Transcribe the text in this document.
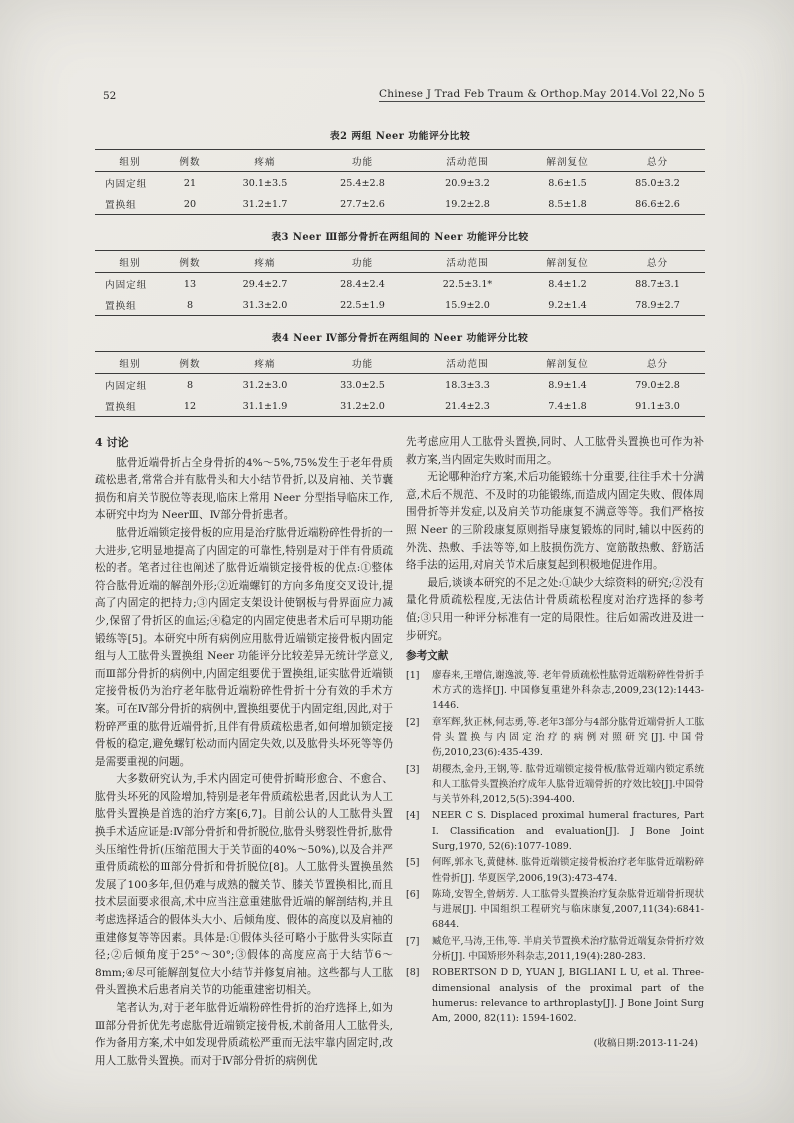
52	Chinese J Trad Feb Traum & Orthop.May 2014.Vol 22,No 5

表2 两组 Neer 功能评分比较

组别	例数	疼痛	功能	活动范围	解剖复位	总分
内固定组	21	30.1±3.5	25.4±2.8	20.9±3.2	8.6±1.5	85.0±3.2
置换组	20	31.2±1.7	27.7±2.6	19.2±2.8	8.5±1.8	86.6±2.6

表3 Neer Ⅲ部分骨折在两组间的 Neer 功能评分比较

组别	例数	疼痛	功能	活动范围	解剖复位	总分
内固定组	13	29.4±2.7	28.4±2.4	22.5±3.1*	8.4±1.2	88.7±3.1
置换组	8	31.3±2.0	22.5±1.9	15.9±2.0	9.2±1.4	78.9±2.7

表4 Neer Ⅳ部分骨折在两组间的 Neer 功能评分比较

组别	例数	疼痛	功能	活动范围	解剖复位	总分
内固定组	8	31.2±3.0	33.0±2.5	18.3±3.3	8.9±1.4	79.0±2.8
置换组	12	31.1±1.9	31.2±2.0	21.4±2.3	7.4±1.8	91.1±3.0

4 讨论

肱骨近端骨折占全身骨折的4%～5%,75%发生于老年骨质疏松患者,常常合并有肱骨头和大小结节骨折,以及肩袖、关节囊损伤和肩关节脱位等表现,临床上常用 Neer 分型指导临床工作,本研究中均为 NeerⅢ、Ⅳ部分骨折患者。

肱骨近端锁定接骨板的应用是治疗肱骨近端粉碎性骨折的一大进步,它明显地提高了内固定的可靠性,特别是对于伴有骨质疏松的者。笔者过往也阐述了肱骨近端锁定接骨板的优点:①整体符合肱骨近端的解剖外形;②近端螺钉的方向多角度交叉设计,提高了内固定的把持力;③内固定支架设计使钢板与骨界面应力减少,保留了骨折区的血运;④稳定的内固定使患者术后可早期功能锻练等[5]。本研究中所有病例应用肱骨近端锁定接骨板内固定组与人工肱骨头置换组 Neer 功能评分比较差异无统计学意义,而Ⅲ部分骨折的病例中,内固定组要优于置换组,证实肱骨近端锁定接骨板仍为治疗老年肱骨近端粉碎性骨折十分有效的手术方案。可在Ⅳ部分骨折的病例中,置换组要优于内固定组,因此,对于粉碎严重的肱骨近端骨折,且伴有骨质疏松患者,如何增加锁定接骨板的稳定,避免螺钉松动而内固定失效,以及肱骨头坏死等等仍是需要重视的问题。

大多数研究认为,手术内固定可使骨折畸形愈合、不愈合、肱骨头坏死的风险增加,特别是老年骨质疏松患者,因此认为人工肱骨头置换是首选的治疗方案[6,7]。目前公认的人工肱骨头置换手术适应证是:Ⅳ部分骨折和骨折脱位,肱骨头劈裂性骨折,肱骨头压缩性骨折(压缩范围大于关节面的40%～50%),以及合并严重骨质疏松的Ⅲ部分骨折和骨折脱位[8]。人工肱骨头置换虽然发展了100多年,但仍难与成熟的髋关节、膝关节置换相比,而且技术层面要求很高,术中应当注意重建肱骨近端的解剖结构,并且考虑选择适合的假体头大小、后倾角度、假体的高度以及肩袖的重建修复等等因素。具体是:①假体头径可略小于肱骨头实际直径;②后倾角度于25°～30°;③假体的高度应高于大结节6～8mm;④尽可能解剖复位大小结节并修复肩袖。这些都与人工肱骨头置换术后患者肩关节的功能重建密切相关。

笔者认为,对于老年肱骨近端粉碎性骨折的治疗选择上,如为Ⅲ部分骨折优先考虑肱骨近端锁定接骨板,术前备用人工肱骨头,作为备用方案,术中如发现骨质疏松严重而无法牢靠内固定时,改用人工肱骨头置换。而对于Ⅳ部分骨折的病例优

先考虑应用人工肱骨头置换,同时、人工肱骨头置换也可作为补救方案,当内固定失败时而用之。

无论哪种治疗方案,术后功能锻练十分重要,往往手术十分满意,术后不规范、不及时的功能锻练,而造成内固定失败、假体周围骨折等并发症,以及肩关节功能康复不满意等等。我们严格按照 Neer 的三阶段康复原则指导康复锻炼的同时,辅以中医药的外洗、热敷、手法等等,如上肢损伤洗方、宽筋散热敷、舒筋活络手法的运用,对肩关节术后康复起到积极地促进作用。

最后,谈谈本研究的不足之处:①缺少大综资料的研究;②没有量化骨质疏松程度,无法估计骨质疏松程度对治疗选择的参考值;③只用一种评分标准有一定的局限性。往后如需改进及进一步研究。

参考文献

[1]	廖春来,王增信,谢逸波,等. 老年骨质疏松性肱骨近端粉碎性骨折手术方式的选择[J]. 中国修复重建外科杂志,2009,23(12):1443-1446.
[2]	章军辉,狄正林,何志勇,等.老年3部分与4部分肱骨近端骨折人工肱骨头置换与内固定治疗的病例对照研究[J].中国骨伤,2010,23(6):435-439.
[3]	胡稷杰,金丹,王钢,等. 肱骨近端锁定接骨板/肱骨近端内锁定系统和人工肱骨头置换治疗成年人肱骨近端骨折的疗效比较[J].中国骨与关节外科,2012,5(5):394-400.
[4]	NEER C S. Displaced proximal humeral fractures, Part I. Classification and evaluation[J]. J Bone Joint Surg,1970, 52(6):1077-1089.
[5]	何晖,郭永飞,黄健林. 肱骨近端锁定接骨板治疗老年肱骨近端粉碎性骨折[J]. 华夏医学,2006,19(3):473-474.
[6]	陈琦,安智全,曾炳芳. 人工肱骨头置换治疗复杂肱骨近端骨折现状与进展[J]. 中国组织工程研究与临床康复,2007,11(34):6841-6844.
[7]	臧危平,马涛,王伟,等. 半肩关节置换术治疗肱骨近端复杂骨折疗效分析[J]. 中国矫形外科杂志,2011,19(4):280-283.
[8]	ROBERTSON D D, YUAN J, BIGLIANI L U, et al. Three-dimensional analysis of the proximal part of the humerus: relevance to arthroplasty[J]. J Bone Joint Surg Am, 2000, 82(11): 1594-1602.

(收稿日期:2013-11-24)
